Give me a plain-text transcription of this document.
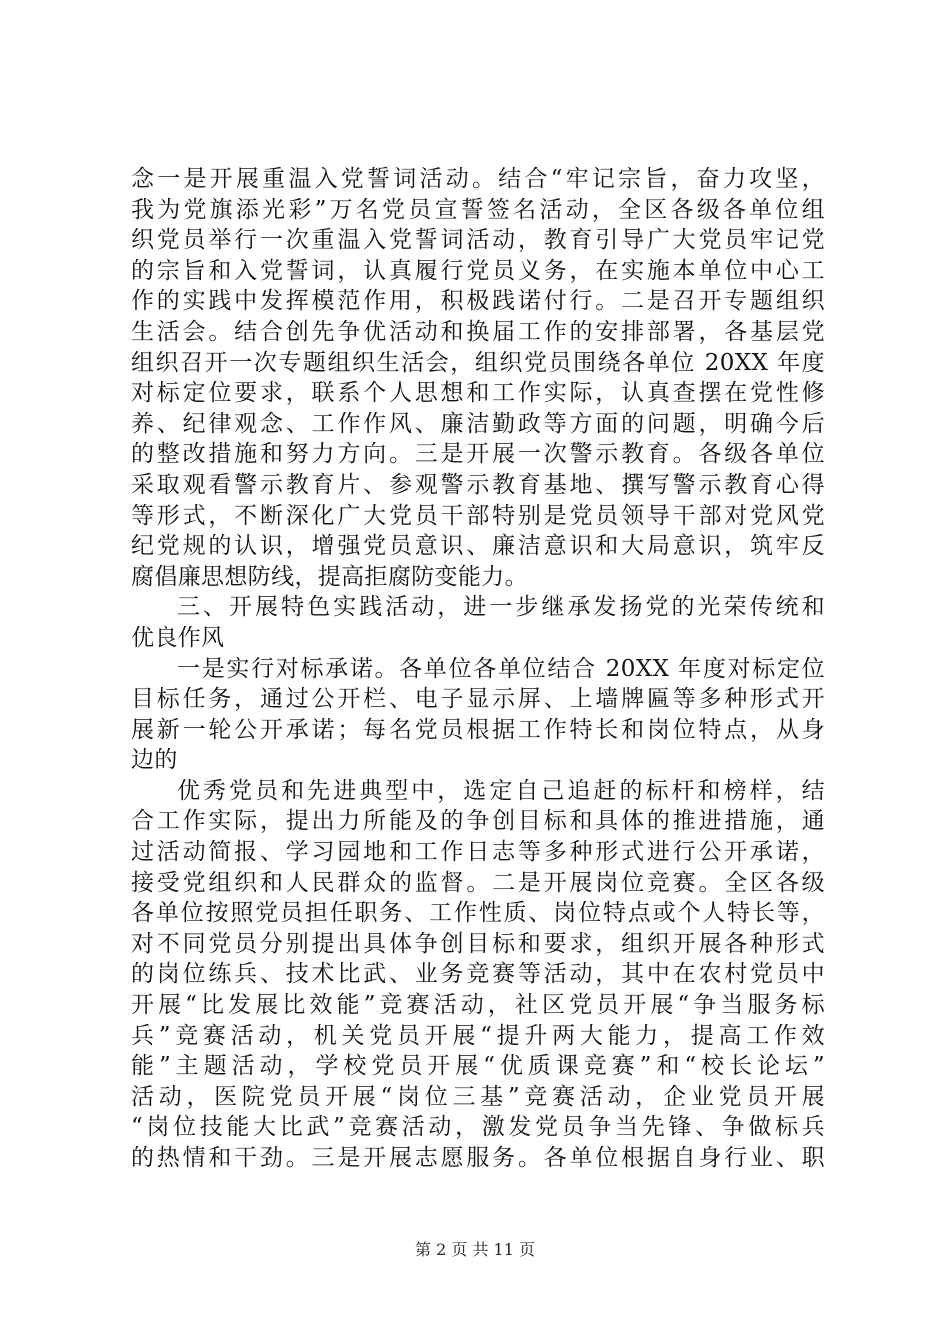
念一是开展重温入党誓词活动。结合“牢记宗旨，奋力攻坚，
我为党旗添光彩”万名党员宣誓签名活动，全区各级各单位组
织党员举行一次重温入党誓词活动，教育引导广大党员牢记党
的宗旨和入党誓词，认真履行党员义务，在实施本单位中心工
作的实践中发挥模范作用，积极践诺付行。二是召开专题组织
生活会。结合创先争优活动和换届工作的安排部署，各基层党
组织召开一次专题组织生活会，组织党员围绕各单位 20XX 年度
对标定位要求，联系个人思想和工作实际，认真查摆在党性修
养、纪律观念、工作作风、廉洁勤政等方面的问题，明确今后
的整改措施和努力方向。三是开展一次警示教育。各级各单位
采取观看警示教育片、参观警示教育基地、撰写警示教育心得
等形式，不断深化广大党员干部特别是党员领导干部对党风党
纪党规的认识，增强党员意识、廉洁意识和大局意识，筑牢反
腐倡廉思想防线，提高拒腐防变能力。
三、开展特色实践活动，进一步继承发扬党的光荣传统和
优良作风
一是实行对标承诺。各单位各单位结合 20XX 年度对标定位
目标任务，通过公开栏、电子显示屏、上墙牌匾等多种形式开
展新一轮公开承诺；每名党员根据工作特长和岗位特点，从身
边的
优秀党员和先进典型中，选定自己追赶的标杆和榜样，结
合工作实际，提出力所能及的争创目标和具体的推进措施，通
过活动简报、学习园地和工作日志等多种形式进行公开承诺，
接受党组织和人民群众的监督。二是开展岗位竞赛。全区各级
各单位按照党员担任职务、工作性质、岗位特点或个人特长等，
对不同党员分别提出具体争创目标和要求，组织开展各种形式
的岗位练兵、技术比武、业务竞赛等活动，其中在农村党员中
开展“比发展比效能”竞赛活动，社区党员开展“争当服务标
兵”竞赛活动，机关党员开展“提升两大能力，提高工作效
能”主题活动，学校党员开展“优质课竞赛”和“校长论坛”
活动，医院党员开展“岗位三基”竞赛活动，企业党员开展
“岗位技能大比武”竞赛活动，激发党员争当先锋、争做标兵
的热情和干劲。三是开展志愿服务。各单位根据自身行业、职
第 2 页 共 11 页
